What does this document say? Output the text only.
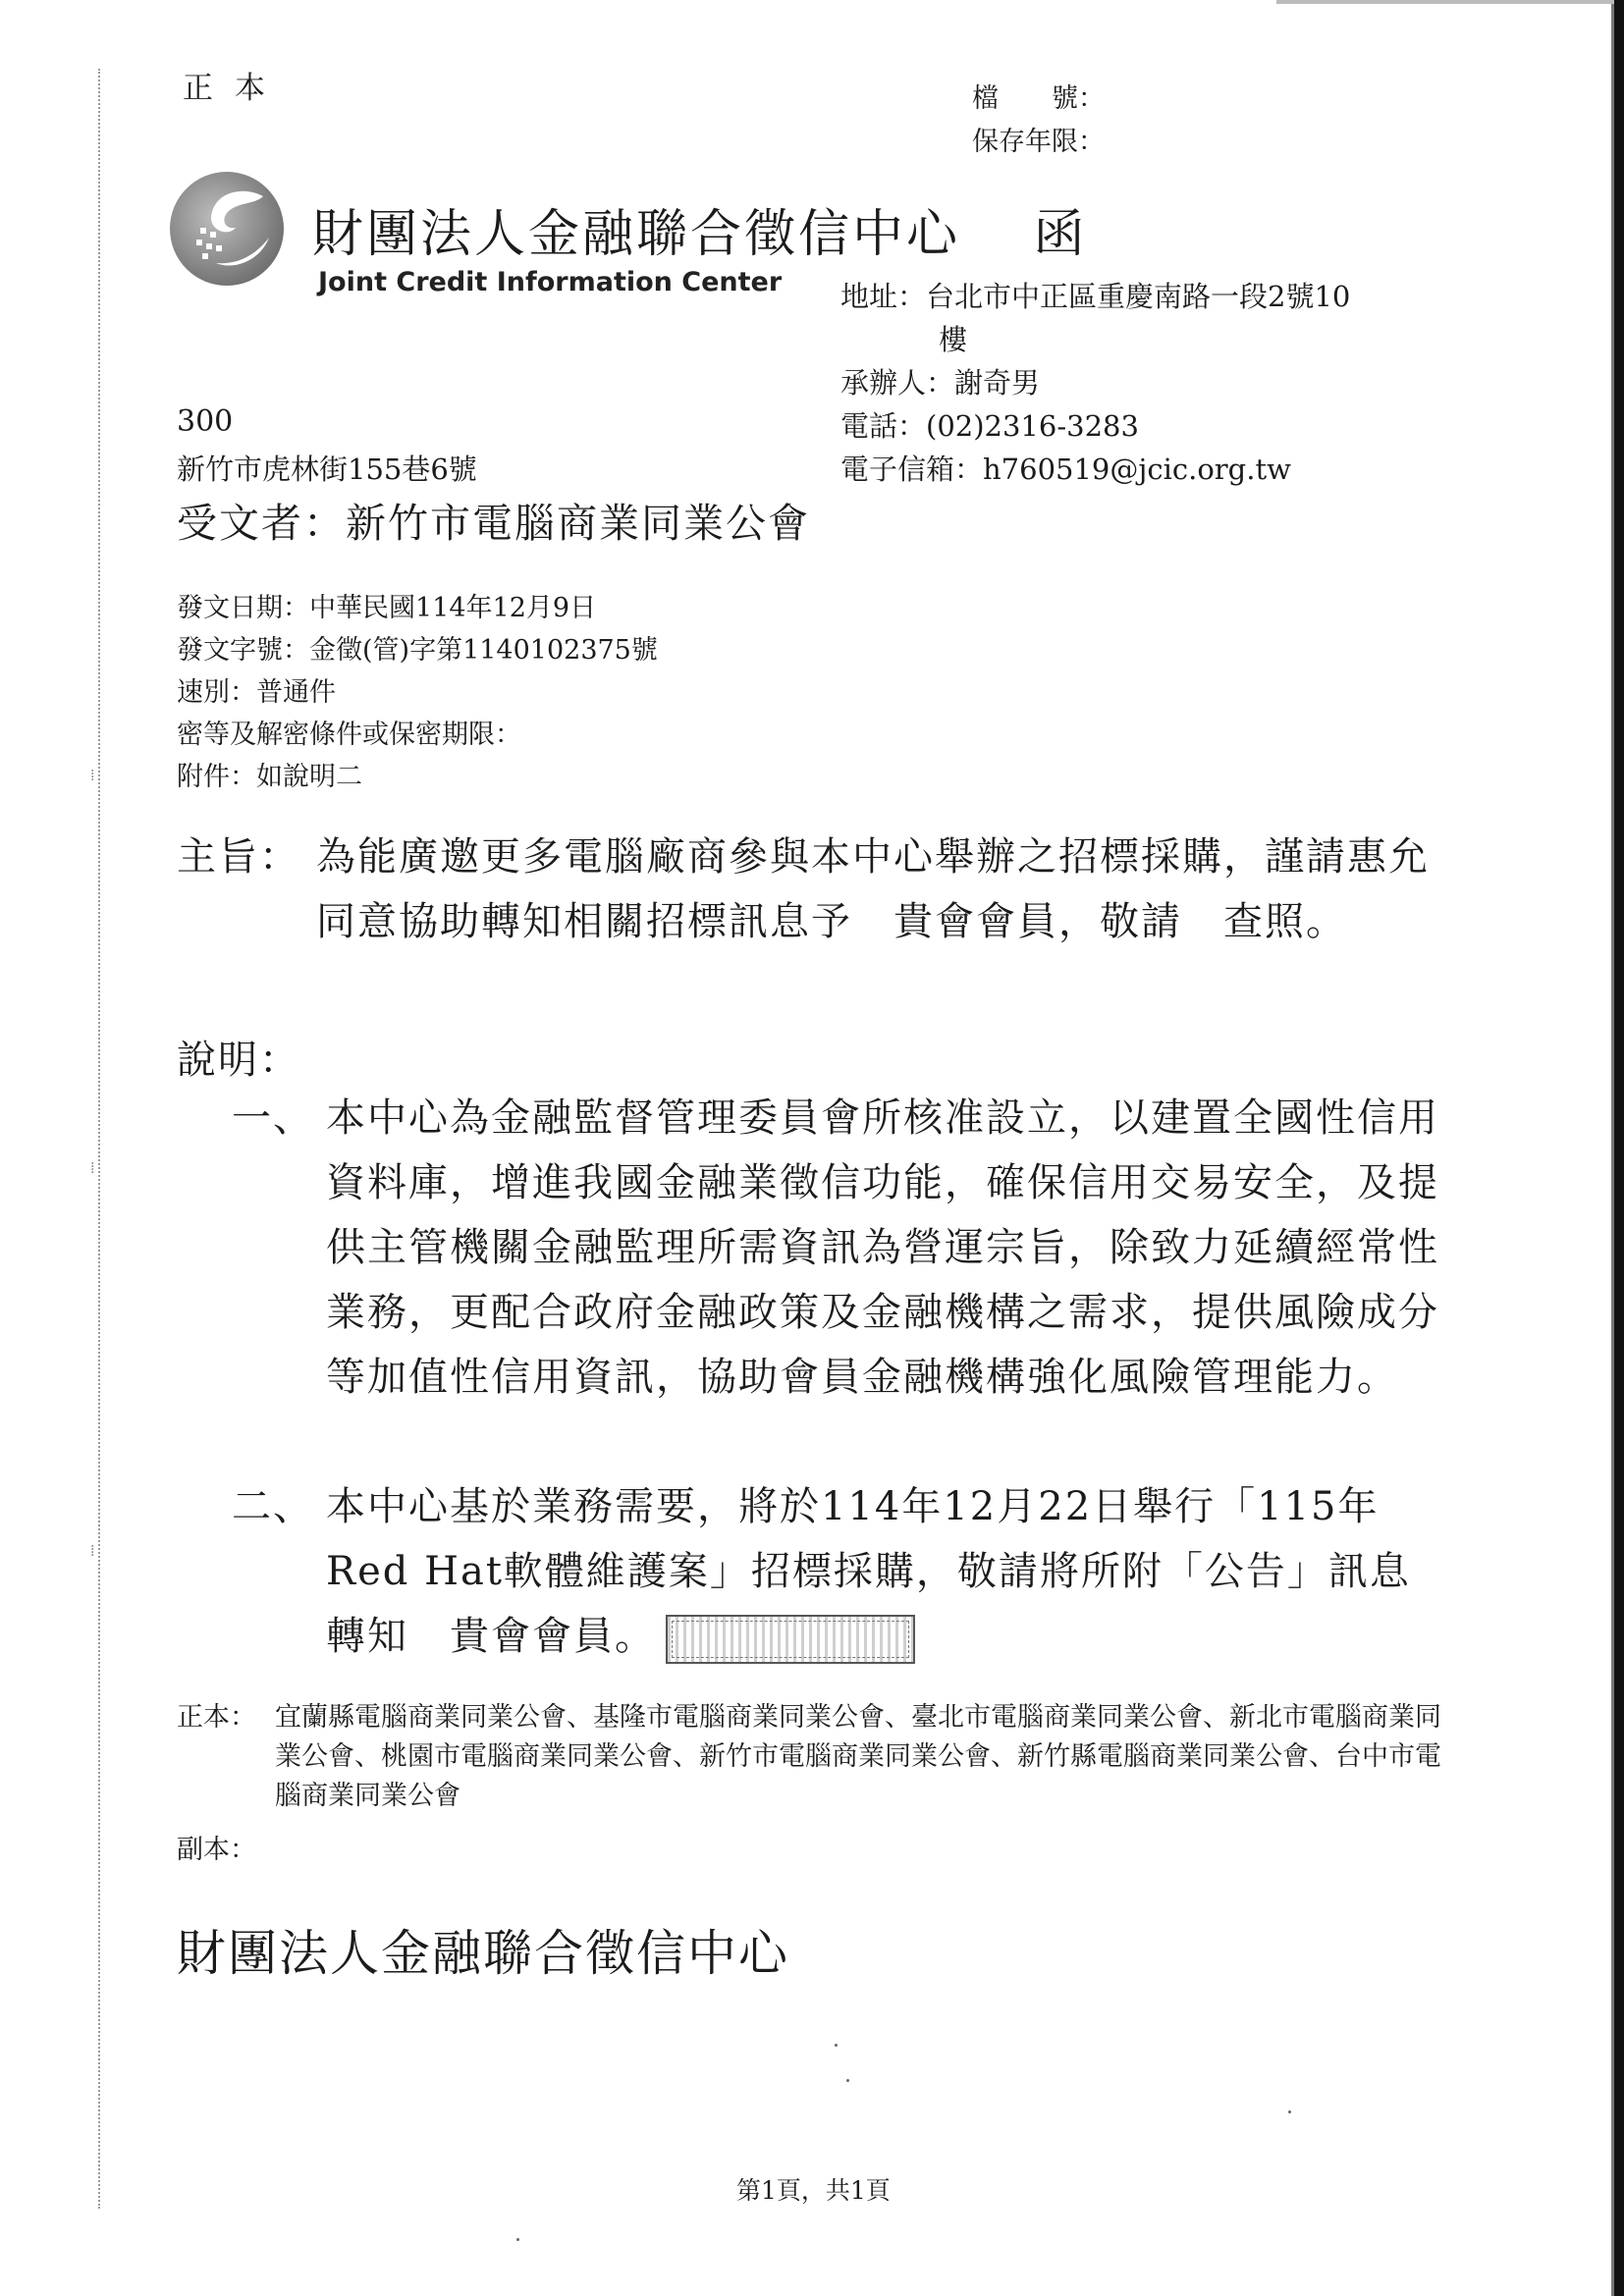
⁞
⁞
⁞
正本	檔　　號：
保存年限：
財團法人金融聯合徵信中心　 函
Joint Credit Information Center 地址：台北市中正區重慶南路一段2號10
樓
承辦人：謝奇男
電話：(02)2316-3283
電子信箱：h760519@jcic.org.tw
300
新竹市虎林街155巷6號
受文者：新竹市電腦商業同業公會
發文日期：中華民國114年12月9日
發文字號：金徵(管)字第1140102375號
速別：普通件
密等及解密條件或保密期限：
附件：如說明二
主旨： 為能廣邀更多電腦廠商參與本中心舉辦之招標採購，謹請惠允同意協助轉知相關招標訊息予　貴會會員，敬請　查照。
說明：
一、 本中心為金融監督管理委員會所核准設立，以建置全國性信用資料庫，增進我國金融業徵信功能，確保信用交易安全，及提供主管機關金融監理所需資訊為營運宗旨，除致力延續經常性業務，更配合政府金融政策及金融機構之需求，提供風險成分等加值性信用資訊，協助會員金融機構強化風險管理能力。
二、 本中心基於業務需要，將於114年12月22日舉行「115年Red Hat軟體維護案」招標採購，敬請將所附「公告」訊息轉知　貴會會員。
正本： 宜蘭縣電腦商業同業公會、基隆市電腦商業同業公會、臺北市電腦商業同業公會、新北市電腦商業同業公會、桃園市電腦商業同業公會、新竹市電腦商業同業公會、新竹縣電腦商業同業公會、台中市電腦商業同業公會
副本：
財團法人金融聯合徵信中心
第1頁，共1頁
